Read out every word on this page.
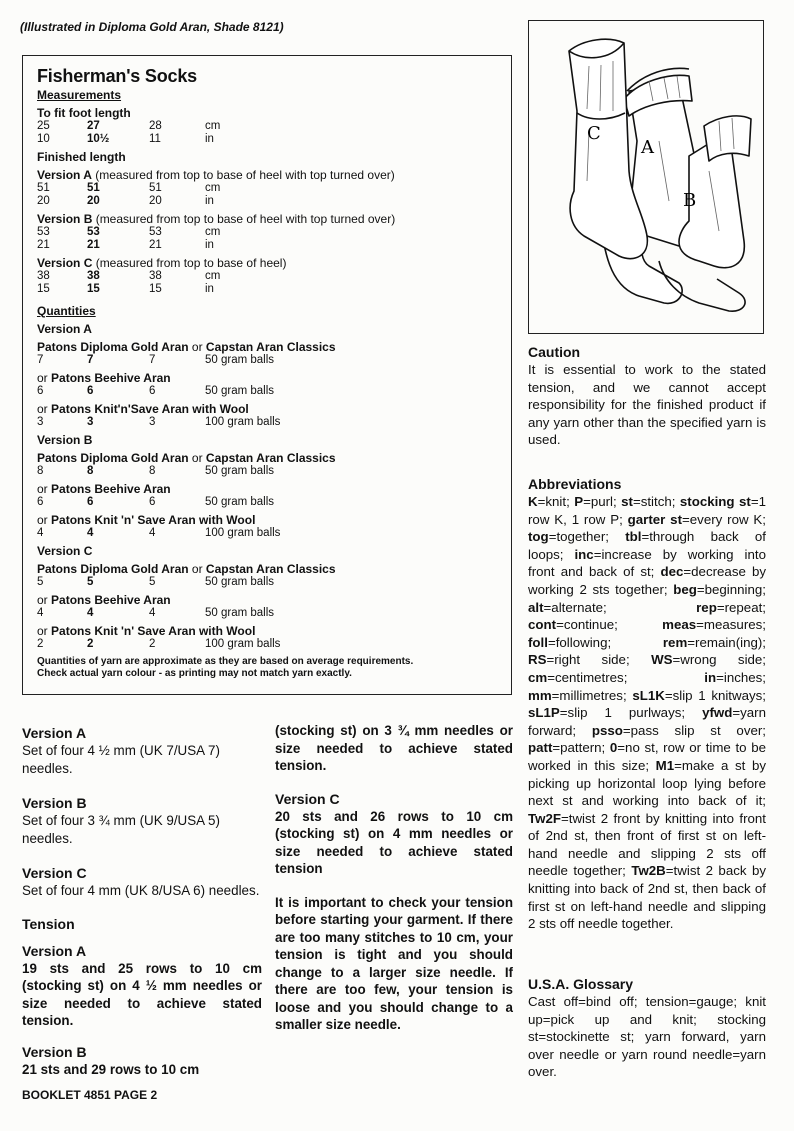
(Illustrated in Diploma Gold Aran, Shade 8121)
Fisherman's Socks
Measurements
To fit foot length
25	27	28	cm
10	10½	11	in
Finished length
Version A (measured from top to base of heel with top turned over)
51	51	51	cm
20	20	20	in
Version B (measured from top to base of heel with top turned over)
53	53	53	cm
21	21	21	in
Version C (measured from top to base of heel)
38	38	38	cm
15	15	15	in
Quantities
Version A
Patons Diploma Gold Aran or Capstan Aran Classics
7	7	7	50 gram balls
or Patons Beehive Aran
6	6	6	50 gram balls
or Patons Knit'n'Save Aran with Wool
3	3	3	100 gram balls
Version B
Patons Diploma Gold Aran or Capstan Aran Classics
8	8	8	50 gram balls
or Patons Beehive Aran
6	6	6	50 gram balls
or Patons Knit 'n' Save Aran with Wool
4	4	4	100 gram balls
Version C
Patons Diploma Gold Aran or Capstan Aran Classics
5	5	5	50 gram balls
or Patons Beehive Aran
4	4	4	50 gram balls
or Patons Knit 'n' Save Aran with Wool
2	2	2	100 gram balls
Quantities of yarn are approximate as they are based on average requirements.
Check actual yarn colour - as printing may not match yarn exactly.
C
A
B
Caution

It is essential to work to the stated tension, and we cannot accept responsibility for the finished product if any yarn other than the specified yarn is used.

Abbreviations

K=knit; P=purl; st=stitch; stocking st=1 row K, 1 row P; garter st=every row K; tog=together; tbl=through back of loops; inc=increase by working into front and back of st; dec=decrease by working 2 sts together; beg=beginning; alt=alternate; rep=repeat; cont=continue; meas=measures; foll=following; rem=remain(ing); RS=right side; WS=wrong side; cm=centimetres; in=inches; mm=millimetres; sL1K=slip 1 knitways; sL1P=slip 1 purlways; yfwd=yarn forward; psso=pass slip st over; patt=pattern; 0=no st, row or time to be worked in this size; M1=make a st by picking up horizontal loop lying before next st and working into back of it; Tw2F=twist 2 front by knitting into front of 2nd st, then front of first st on left-hand needle and slipping 2 sts off needle together; Tw2B=twist 2 back by knitting into back of 2nd st, then back of first st on left-hand needle and slipping 2 sts off needle together.

U.S.A. Glossary

Cast off=bind off; tension=gauge; knit up=pick up and knit; stocking st=stockinette st; yarn forward, yarn over needle or yarn round needle=yarn over.

Version A

Set of four 4 ½ mm (UK 7/USA 7) needles.

Version B

Set of four 3 ¾ mm (UK 9/USA 5) needles.

Version C

Set of four 4 mm (UK 8/USA 6) needles.

Tension
Version A

19 sts and 25 rows to 10 cm (stocking st) on 4 ½ mm needles or size needed to achieve stated tension.

Version B

21 sts and 29 rows to 10 cm

(stocking st) on 3 ¾ mm needles or size needed to achieve stated tension.

Version C

20 sts and 26 rows to 10 cm (stocking st) on 4 mm needles or size needed to achieve stated tension

It is important to check your tension before starting your garment. If there are too many stitches to 10 cm, your tension is tight and you should change to a larger size needle. If there are too few, your tension is loose and you should change to a smaller size needle.

BOOKLET 4851 PAGE 2
